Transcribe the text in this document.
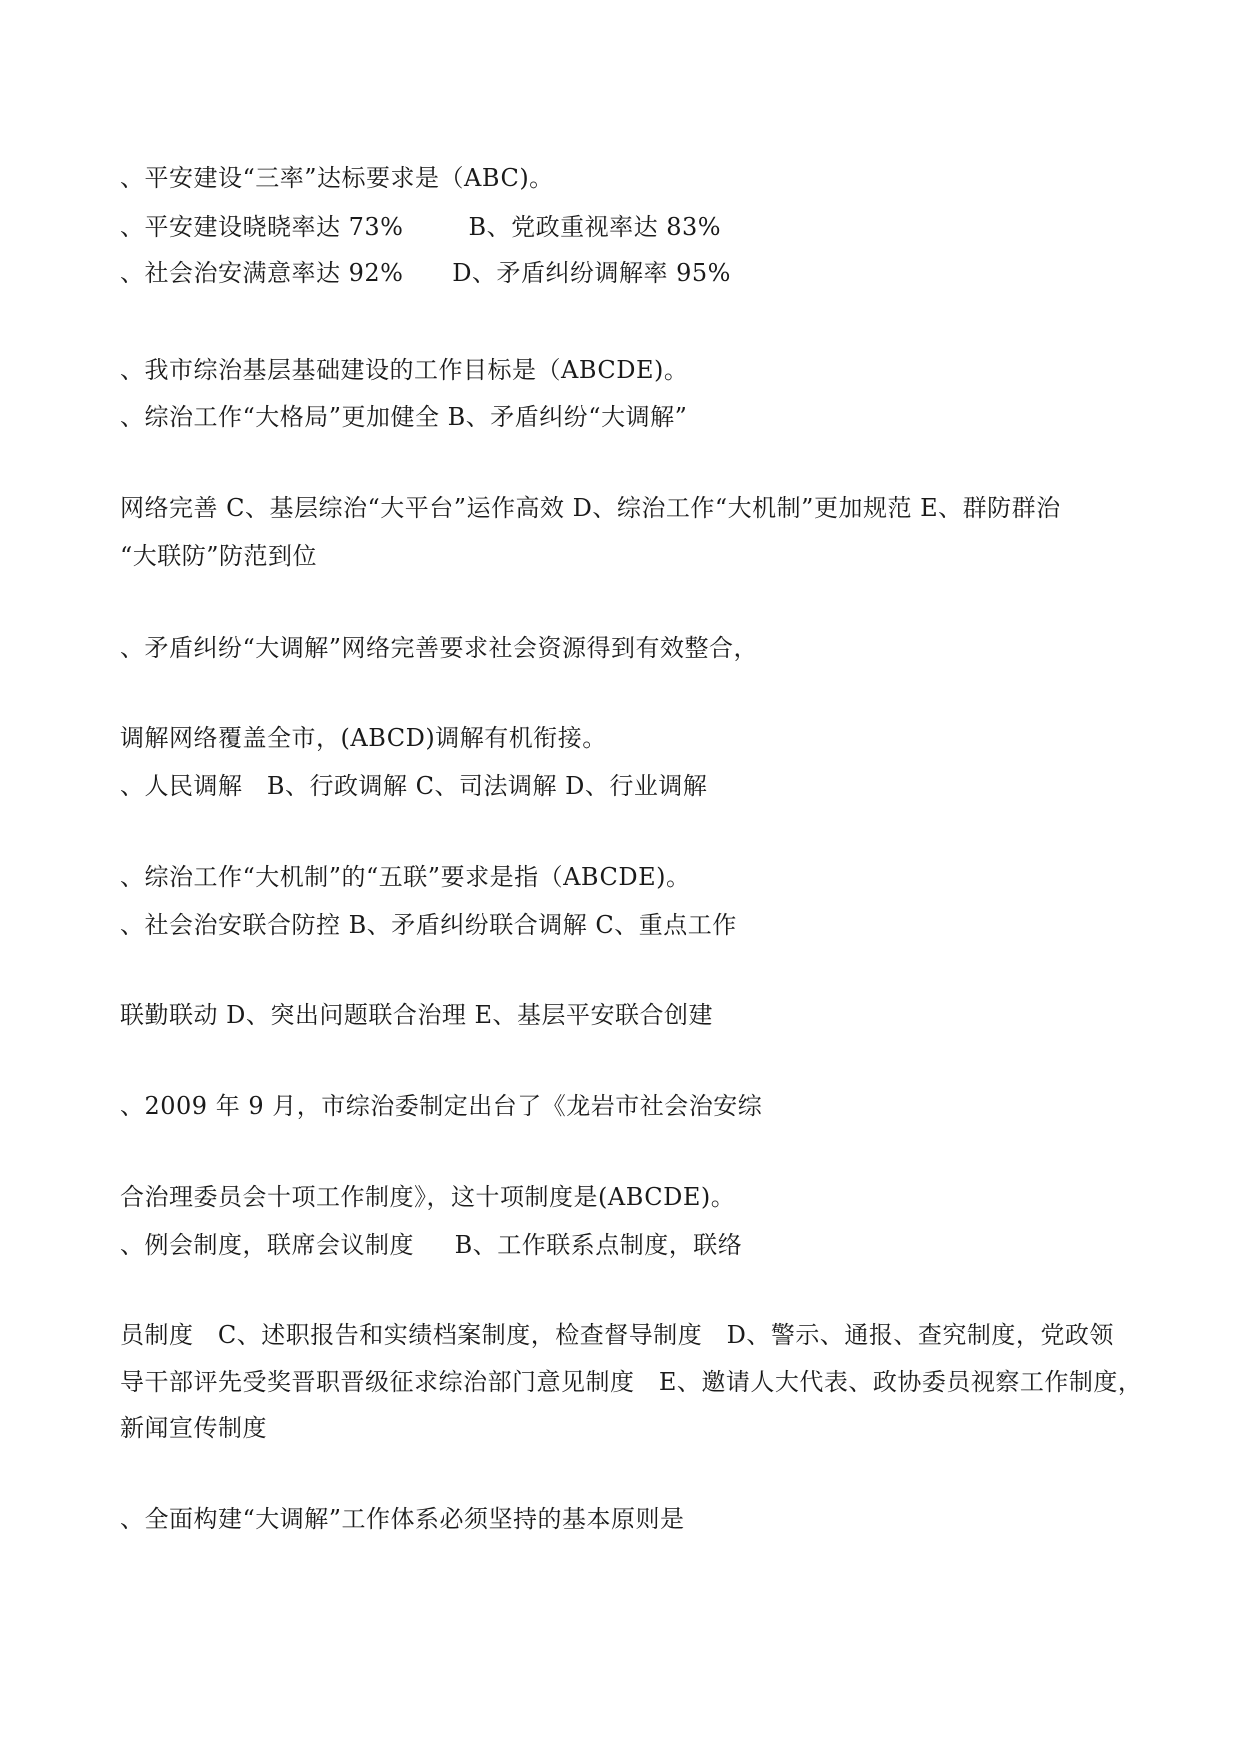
、平安建设“三率”达标要求是（ABC)。
、平安建设晓晓率达 73%        B、党政重视率达 83%
、社会治安满意率达 92%      D、矛盾纠纷调解率 95%
、我市综治基层基础建设的工作目标是（ABCDE)。
、综治工作“大格局”更加健全 B、矛盾纠纷“大调解”
网络完善 C、基层综治“大平台”运作高效 D、综治工作“大机制”更加规范 E、群防群治
“大联防”防范到位
、矛盾纠纷“大调解”网络完善要求社会资源得到有效整合，
调解网络覆盖全市，(ABCD)调解有机衔接。
、人民调解   B、行政调解 C、司法调解 D、行业调解
、综治工作“大机制”的“五联”要求是指（ABCDE)。
、社会治安联合防控 B、矛盾纠纷联合调解 C、重点工作
联勤联动 D、突出问题联合治理 E、基层平安联合创建
、2009 年 9 月，市综治委制定出台了《龙岩市社会治安综
合治理委员会十项工作制度》，这十项制度是(ABCDE)。
、例会制度，联席会议制度     B、工作联系点制度，联络
员制度   C、述职报告和实绩档案制度，检查督导制度   D、警示、通报、查究制度，党政领
导干部评先受奖晋职晋级征求综治部门意见制度   E、邀请人大代表、政协委员视察工作制度，
新闻宣传制度
、全面构建“大调解”工作体系必须坚持的基本原则是
